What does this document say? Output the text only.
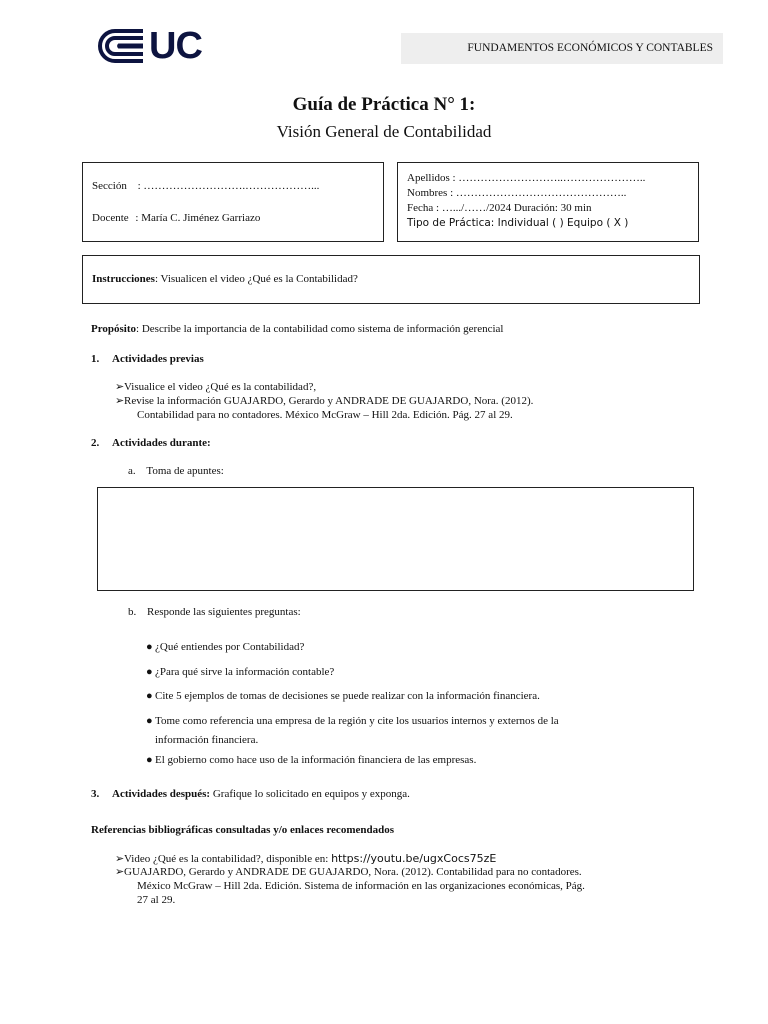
UC	FUNDAMENTOS ECONÓMICOS Y CONTABLES
Guía de Práctica N° 1:
Visión General de Contabilidad
Sección : ……………………….………………...
Docente : María C. Jiménez Garriazo
Apellidos : ………………………..…………………..
Nombres : ………………………………………..
Fecha : ….../……/2024 Duración: 30 min
Tipo de Práctica: Individual ( ) Equipo ( X )
Instrucciones: Visualicen el video ¿Qué es la Contabilidad?
Propósito: Describe la importancia de la contabilidad como sistema de información gerencial
1. Actividades previas
➢Visualice el video ¿Qué es la contabilidad?,
➢Revise la información GUAJARDO, Gerardo y ANDRADE DE GUAJARDO, Nora. (2012).
Contabilidad para no contadores. México McGraw – Hill 2da. Edición. Pág. 27 al 29.
2. Actividades durante:
a. Toma de apuntes:
b. Responde las siguientes preguntas:
● ¿Qué entiendes por Contabilidad?
● ¿Para qué sirve la información contable?
● Cite 5 ejemplos de tomas de decisiones se puede realizar con la información financiera.
● Tome como referencia una empresa de la región y cite los usuarios internos y externos de la
información financiera.
● El gobierno como hace uso de la información financiera de las empresas.
3. Actividades después: Grafique lo solicitado en equipos y exponga.
Referencias bibliográficas consultadas y/o enlaces recomendados
➢Video ¿Qué es la contabilidad?, disponible en: https://youtu.be/ugxCocs75zE
➢GUAJARDO, Gerardo y ANDRADE DE GUAJARDO, Nora. (2012). Contabilidad para no contadores.
México McGraw – Hill 2da. Edición. Sistema de información en las organizaciones económicas, Pág.
27 al 29.
